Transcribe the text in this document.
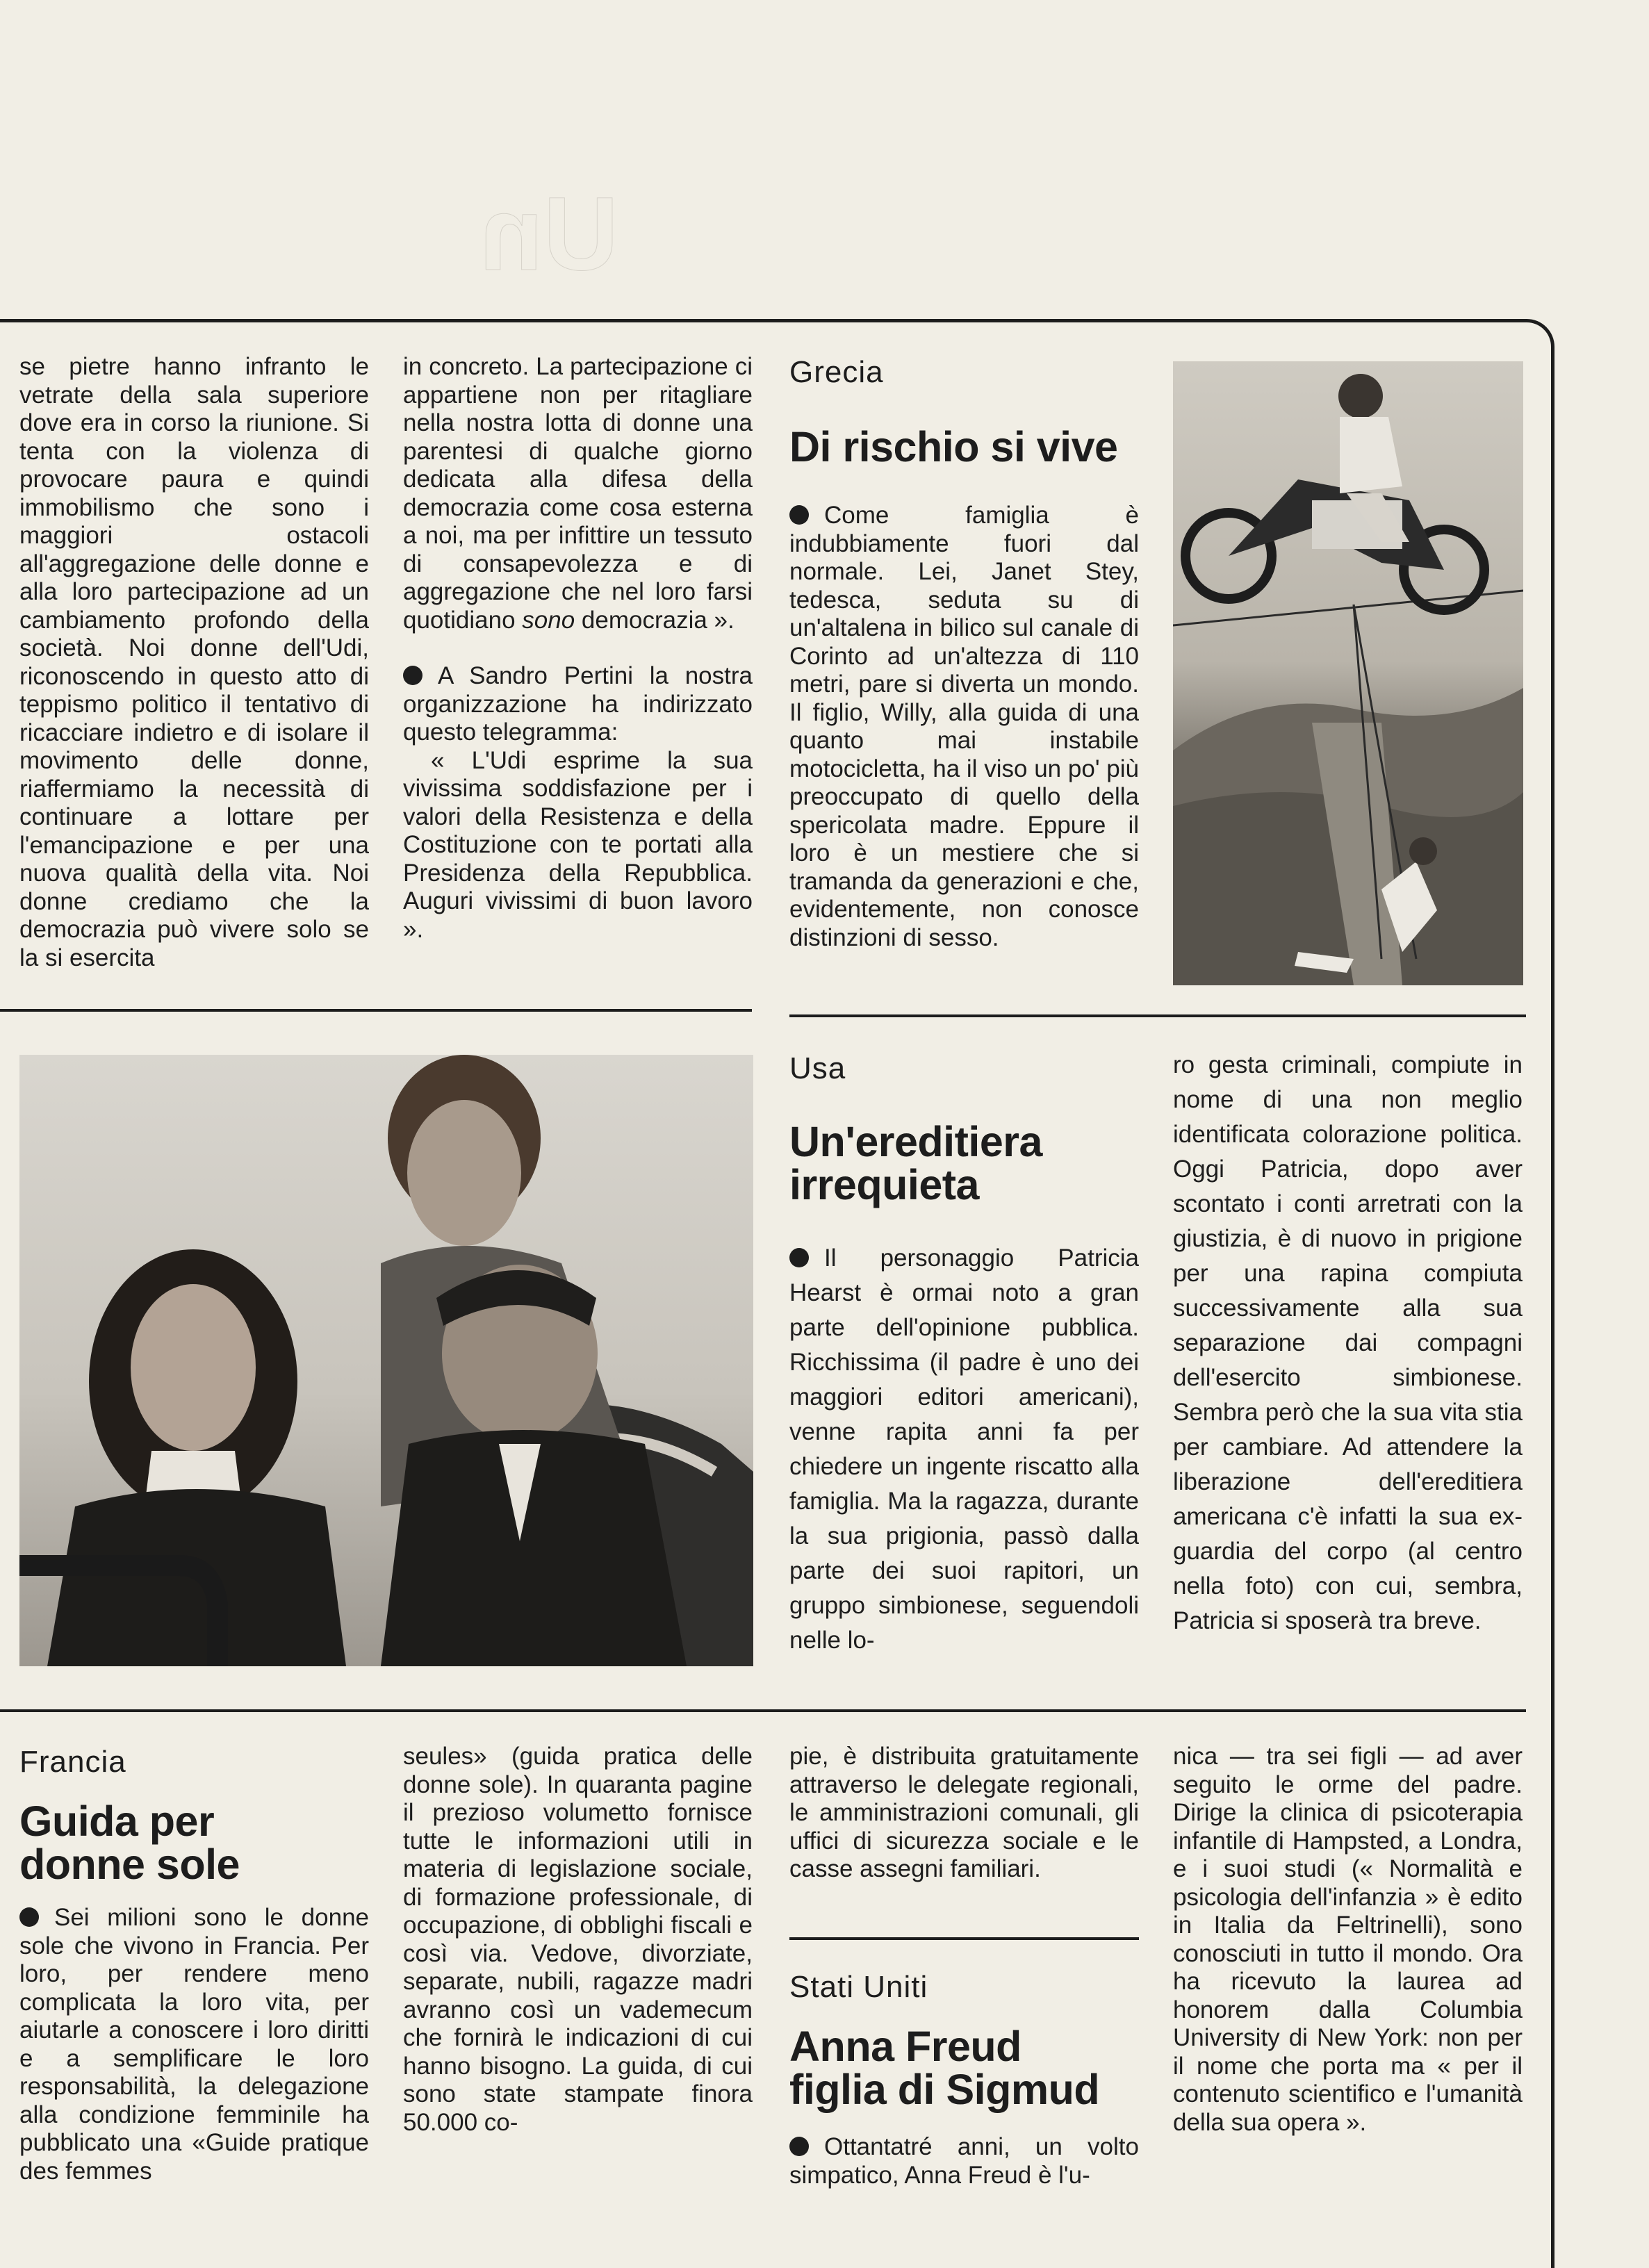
Un

se pietre hanno infranto le vetrate della sala superiore dove era in corso la riunione. Si tenta con la violenza di provocare paura e quindi immobilismo che sono i maggiori ostacoli all'aggregazione delle donne e alla loro partecipazione ad un cambiamento profondo della società. Noi donne dell'Udi, riconoscendo in questo atto di teppismo politico il tentativo di ricacciare indietro e di isolare il movimento delle donne, riaffermiamo la necessità di continuare a lottare per l'emancipazione e per una nuova qualità della vita. Noi donne crediamo che la democrazia può vivere solo se la si esercita

in concreto. La partecipazione ci appartiene non per ritagliare nella nostra lotta di donne una parentesi di qualche giorno dedicata alla difesa della democrazia come cosa esterna a noi, ma per infittire un tessuto di consapevolezza e di aggregazione che nel loro farsi quotidiano sono democrazia ».

A Sandro Pertini la nostra organizzazione ha indirizzato questo telegramma:

« L'Udi esprime la sua vivissima soddisfazione per i valori della Resistenza e della Costituzione con te portati alla Presidenza della Repubblica. Auguri vivissimi di buon lavoro ».

Grecia
Di rischio si vive

Come famiglia è indubbiamente fuori dal normale. Lei, Janet Stey, tedesca, seduta su di un'altalena in bilico sul canale di Corinto ad un'altezza di 110 metri, pare si diverta un mondo. Il figlio, Willy, alla guida di una quanto mai instabile motocicletta, ha il viso un po' più preoccupato di quello della spericolata madre. Eppure il loro è un mestiere che si tramanda da generazioni e che, evidentemente, non conosce distinzioni di sesso.

Usa
Un'ereditiera
irrequieta

Il personaggio Patricia Hearst è ormai noto a gran parte dell'opinione pubblica. Ricchissima (il padre è uno dei maggiori editori americani), venne rapita anni fa per chiedere un ingente riscatto alla famiglia. Ma la ragazza, durante la sua prigionia, passò dalla parte dei suoi rapitori, un gruppo simbionese, seguendoli nelle lo-

ro gesta criminali, compiute in nome di una non meglio identificata colorazione politica. Oggi Patricia, dopo aver scontato i conti arretrati con la giustizia, è di nuovo in prigione per una rapina compiuta successivamente alla sua separazione dai compagni dell'esercito simbionese. Sembra però che la sua vita stia per cambiare. Ad attendere la liberazione dell'ereditiera americana c'è infatti la sua ex-guardia del corpo (al centro nella foto) con cui, sembra, Patricia si sposerà tra breve.

Francia
Guida per
donne sole

Sei milioni sono le donne sole che vivono in Francia. Per loro, per rendere meno complicata la loro vita, per aiutarle a conoscere i loro diritti e a semplificare le loro responsabilità, la delegazione alla condizione femminile ha pubblicato una «Guide pratique des femmes

seules» (guida pratica delle donne sole). In quaranta pagine il prezioso volumetto fornisce tutte le informazioni utili in materia di legislazione sociale, di formazione professionale, di occupazione, di obblighi fiscali e così via. Vedove, divorziate, separate, nubili, ragazze madri avranno così un vademecum che fornirà le indicazioni di cui hanno bisogno. La guida, di cui sono state stampate finora 50.000 co-

pie, è distribuita gratuitamente attraverso le delegate regionali, le amministrazioni comunali, gli uffici di sicurezza sociale e le casse assegni familiari.

Stati Uniti
Anna Freud
figlia di Sigmud

Ottantatré anni, un volto simpatico, Anna Freud è l'u-

nica — tra sei figli — ad aver seguito le orme del padre. Dirige la clinica di psicoterapia infantile di Hampsted, a Londra, e i suoi studi (« Normalità e psicologia dell'infanzia » è edito in Italia da Feltrinelli), sono conosciuti in tutto il mondo. Ora ha ricevuto la laurea ad honorem dalla Columbia University di New York: non per il nome che porta ma « per il contenuto scientifico e l'umanità della sua opera ».
